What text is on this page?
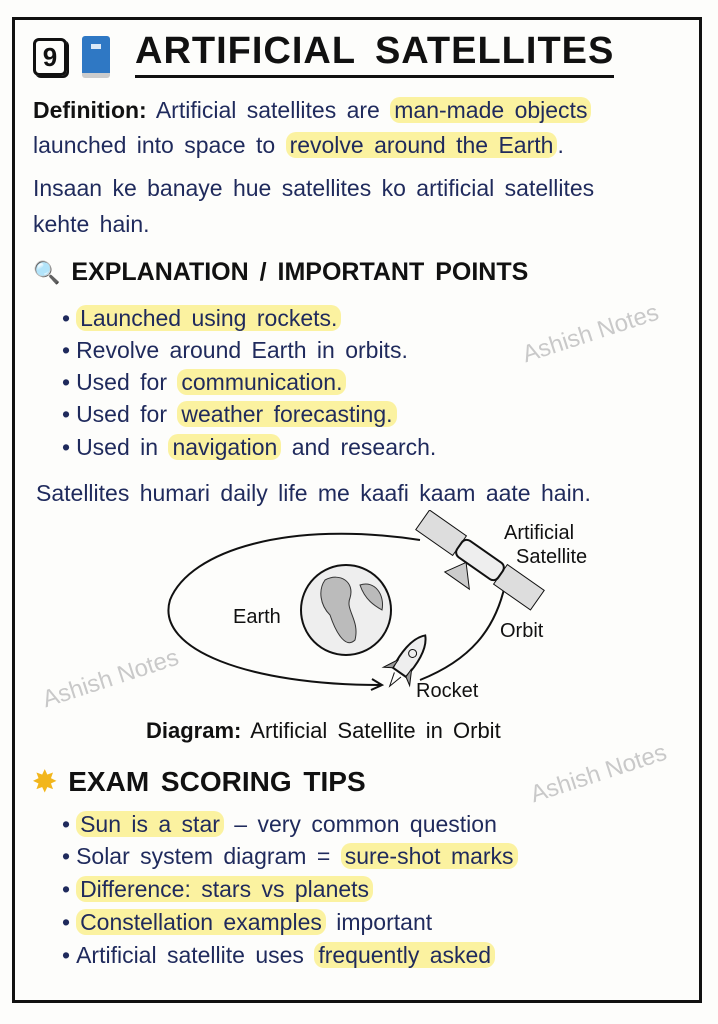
9 ARTIFICIAL SATELLITES
Definition: Artificial satellites are man-made objects
launched into space to revolve around the Earth .
Insaan ke banaye hue satellites ko artificial satellites
kehte hain.
🔍 EXPLANATION / IMPORTANT POINTS
• Launched using rockets.
• Revolve around Earth in orbits.
• Used for communication.
• Used for weather forecasting.
• Used in navigation and research.
Ashish Notes
Ashish Notes
Ashish Notes
Satellites humari daily life me kaafi kaam aate hain.
Artificial
Satellite
Earth
Orbit
Rocket
Diagram: Artificial Satellite in Orbit
✸ EXAM SCORING TIPS
• Sun is a star – very common question
• Solar system diagram = sure-shot marks
• Difference: stars vs planets
• Constellation examples important
• Artificial satellite uses frequently asked
